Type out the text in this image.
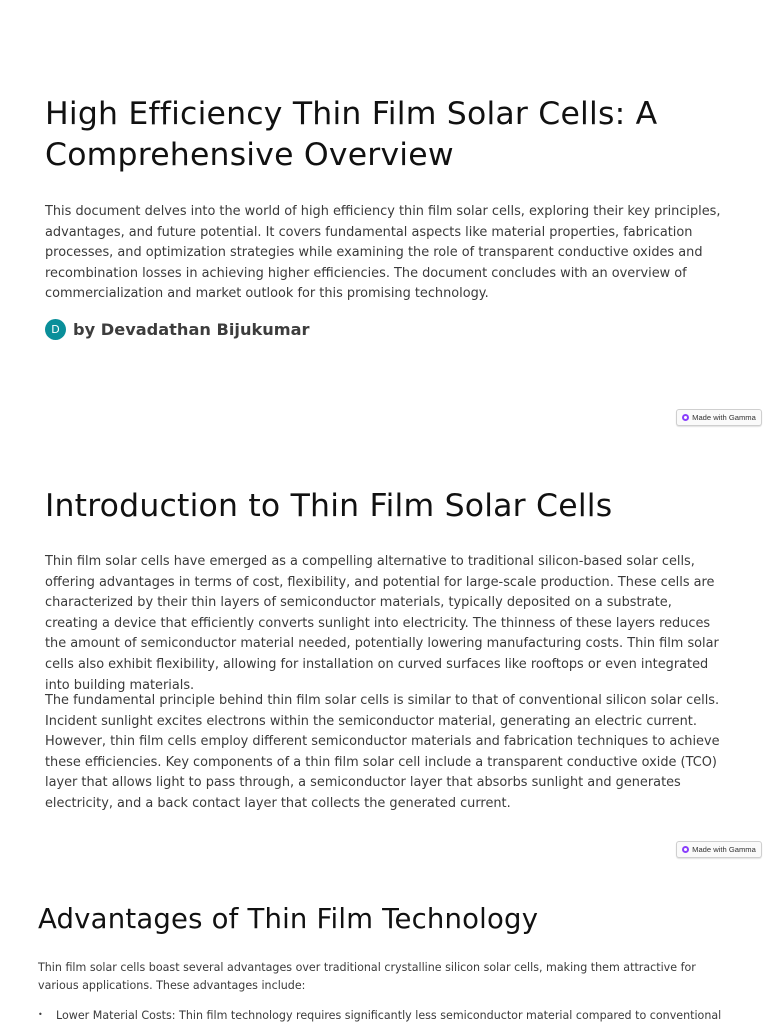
High Efficiency Thin Film Solar Cells: A Comprehensive Overview

This document delves into the world of high efficiency thin film solar cells, exploring their key principles, advantages, and future potential. It covers fundamental aspects like material properties, fabrication processes, and optimization strategies while examining the role of transparent conductive oxides and recombination losses in achieving higher efficiencies. The document concludes with an overview of commercialization and market outlook for this promising technology.

D by Devadathan Bijukumar
Made with Gamma
Introduction to Thin Film Solar Cells

Thin film solar cells have emerged as a compelling alternative to traditional silicon-based solar cells, offering advantages in terms of cost, flexibility, and potential for large-scale production. These cells are characterized by their thin layers of semiconductor materials, typically deposited on a substrate, creating a device that efficiently converts sunlight into electricity. The thinness of these layers reduces the amount of semiconductor material needed, potentially lowering manufacturing costs. Thin film solar cells also exhibit flexibility, allowing for installation on curved surfaces like rooftops or even integrated into building materials.

The fundamental principle behind thin film solar cells is similar to that of conventional silicon solar cells. Incident sunlight excites electrons within the semiconductor material, generating an electric current. However, thin film cells employ different semiconductor materials and fabrication techniques to achieve these efficiencies. Key components of a thin film solar cell include a transparent conductive oxide (TCO) layer that allows light to pass through, a semiconductor layer that absorbs sunlight and generates electricity, and a back contact layer that collects the generated current.

Made with Gamma
Advantages of Thin Film Technology

Thin film solar cells boast several advantages over traditional crystalline silicon solar cells, making them attractive for various applications. These advantages include:

•	Lower Material Costs: Thin film technology requires significantly less semiconductor material compared to conventional
